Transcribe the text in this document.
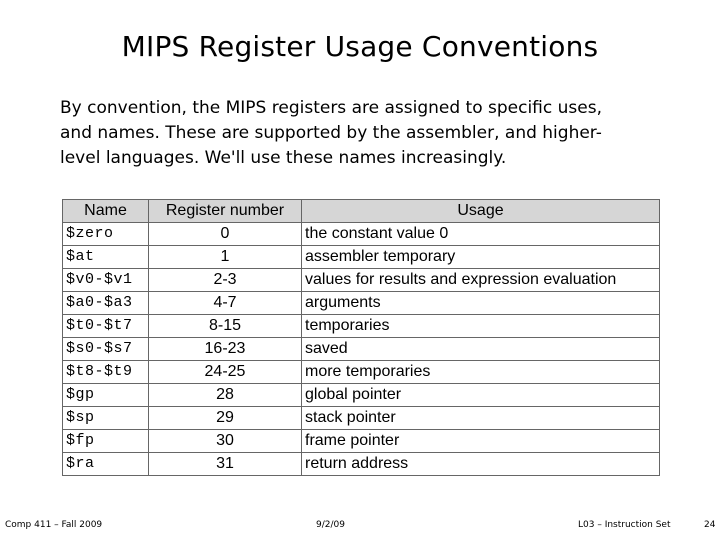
MIPS Register Usage Conventions

By convention, the MIPS registers are assigned to specific uses,

and names. These are supported by the assembler, and higher-

level languages. We'll use these names increasingly.

Name	Register number	Usage
$zero	0	the constant value 0
$at	1	assembler temporary
$v0-$v1	2-3	values for results and expression evaluation
$a0-$a3	4-7	arguments
$t0-$t7	8-15	temporaries
$s0-$s7	16-23	saved
$t8-$t9	24-25	more temporaries
$gp	28	global pointer
$sp	29	stack pointer
$fp	30	frame pointer
$ra	31	return address
Comp 411 – Fall 2009	9/2/09	L03 – Instruction Set	24
